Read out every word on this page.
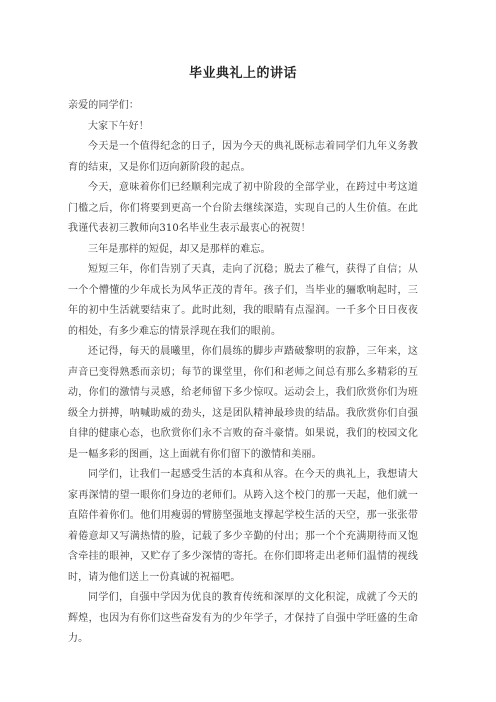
毕业典礼上的讲话

亲爱的同学们：

大家下午好！

今天是一个值得纪念的日子，因为今天的典礼既标志着同学们九年义务教育的结束，又是你们迈向新阶段的起点。

今天，意味着你们已经顺利完成了初中阶段的全部学业，在跨过中考这道门槛之后，你们将要到更高一个台阶去继续深造，实现自己的人生价值。在此我谨代表初三教师向310名毕业生表示最衷心的祝贺！

三年是那样的短促，却又是那样的难忘。

短短三年，你们告别了天真，走向了沉稳；脱去了稚气，获得了自信；从一个个懵懂的少年成长为风华正茂的青年。孩子们，当毕业的骊歌响起时，三年的初中生活就要结束了。此时此刻，我的眼睛有点湿润。一千多个日日夜夜的相处，有多少难忘的情景浮现在我们的眼前。

还记得，每天的晨曦里，你们晨练的脚步声踏破黎明的寂静，三年来，这声音已变得熟悉而亲切；每节的课堂里，你们和老师之间总有那么多精彩的互动，你们的激情与灵感，给老师留下多少惊叹。运动会上，我们欣赏你们为班级全力拼搏，呐喊助威的劲头，这是团队精神最珍贵的结晶。我欣赏你们自强自律的健康心态，也欣赏你们永不言败的奋斗豪情。如果说，我们的校园文化是一幅多彩的图画，这上面就有你们留下的激情和美丽。

同学们，让我们一起感受生活的本真和从容。在今天的典礼上，我想请大家再深情的望一眼你们身边的老师们。从跨入这个校门的那一天起，他们就一直陪伴着你们。他们用瘦弱的臂膀坚强地支撑起学校生活的天空，那一张张带着倦意却又写满热情的脸，记载了多少辛勤的付出；那一个个充满期待而又饱含牵挂的眼神，又贮存了多少深情的寄托。在你们即将走出老师们温情的视线时，请为他们送上一份真诚的祝福吧。

同学们，自强中学因为优良的教育传统和深厚的文化积淀，成就了今天的辉煌，也因为有你们这些奋发有为的少年学子，才保持了自强中学旺盛的生命力。
